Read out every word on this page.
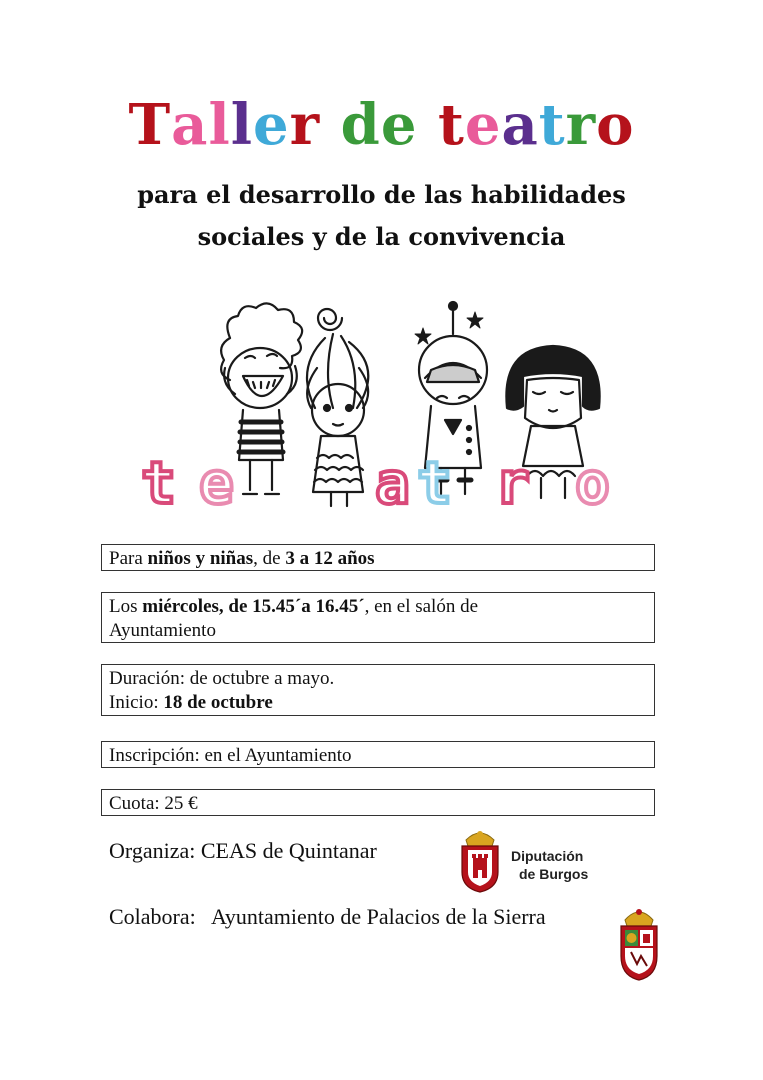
Taller de teatro
para el desarrollo de las habilidades
sociales y de la convivencia
t e a t r o
Para niños y niñas, de 3 a 12 años
Los miércoles, de 15.45´a 16.45´, en el salón de
Ayuntamiento
Duración: de octubre a mayo.
Inicio: 18 de octubre
Inscripción: en el Ayuntamiento
Cuota: 25 €
Organiza: CEAS de Quintanar	Diputación
de Burgos
Colabora:   Ayuntamiento de Palacios de la Sierra
